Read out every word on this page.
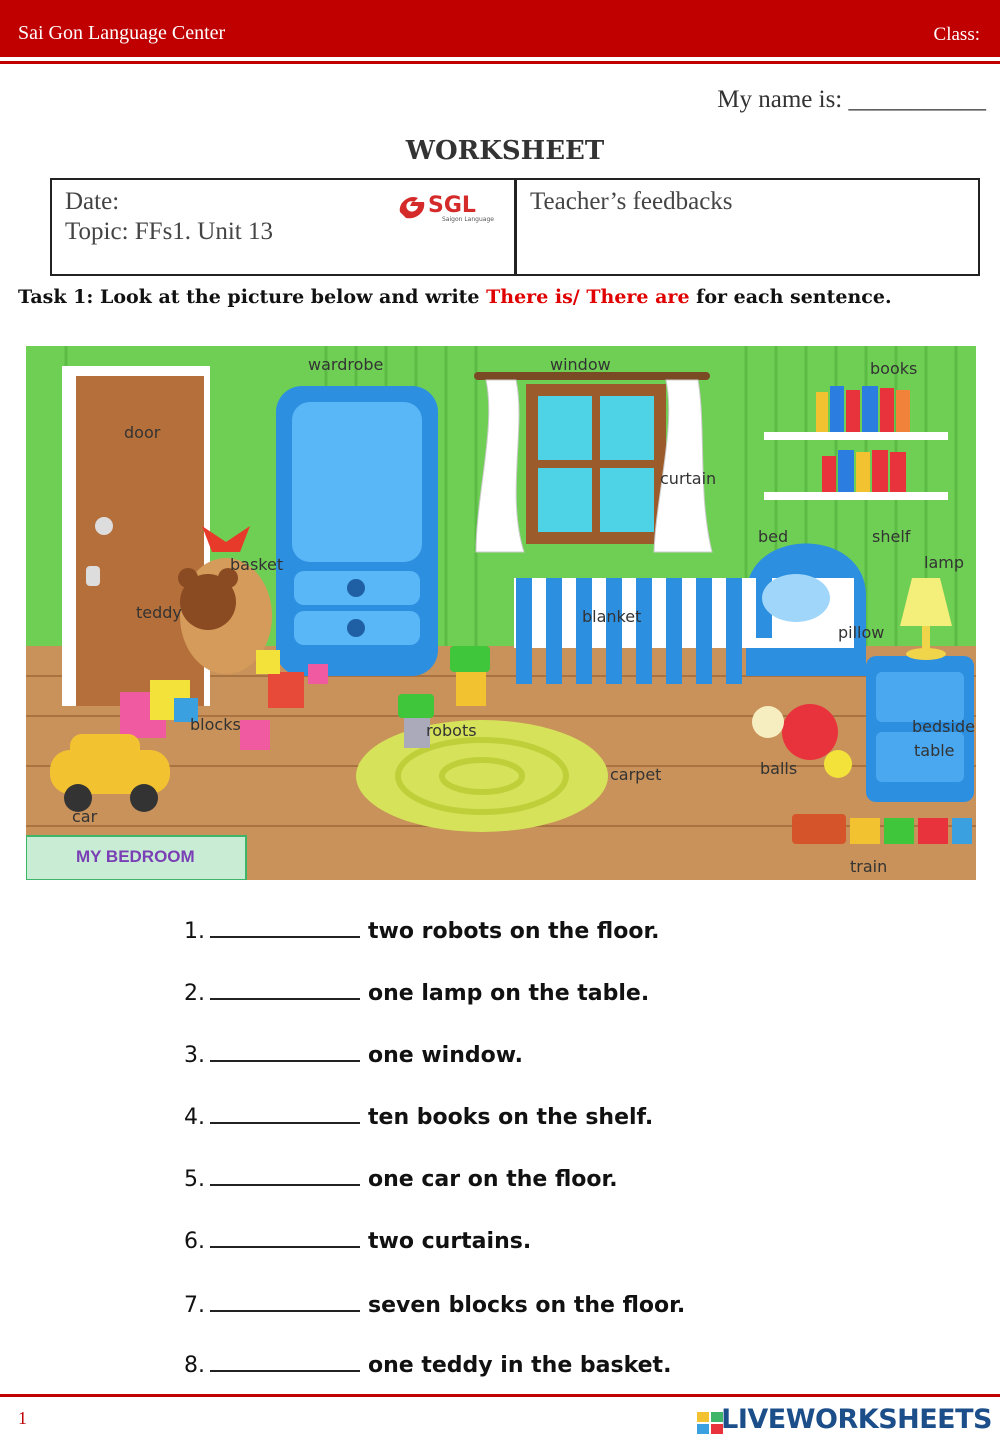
Sai Gon Language Center	Class:
My name is: ___________
WORKSHEET
Date:
Topic: FFs1. Unit 13
SGL
Saigon Language
Teacher’s feedbacks
Task 1: Look at the picture below and write There is/ There are for each sentence.
MY BEDROOM
door
wardrobe	window	books
curtain
basket
teddy
bed	shelf
lamp
blanket
pillow
blocks	robots
carpet	balls
bedside
table
car
train
1.	two robots on the floor.
2.	one lamp on the table.
3.	one window.
4.	ten books on the shelf.
5.	one car on the floor.
6.	two curtains.
7.	seven blocks on the floor.
8.	one teddy in the basket.
1	LIVEWORKSHEETS
